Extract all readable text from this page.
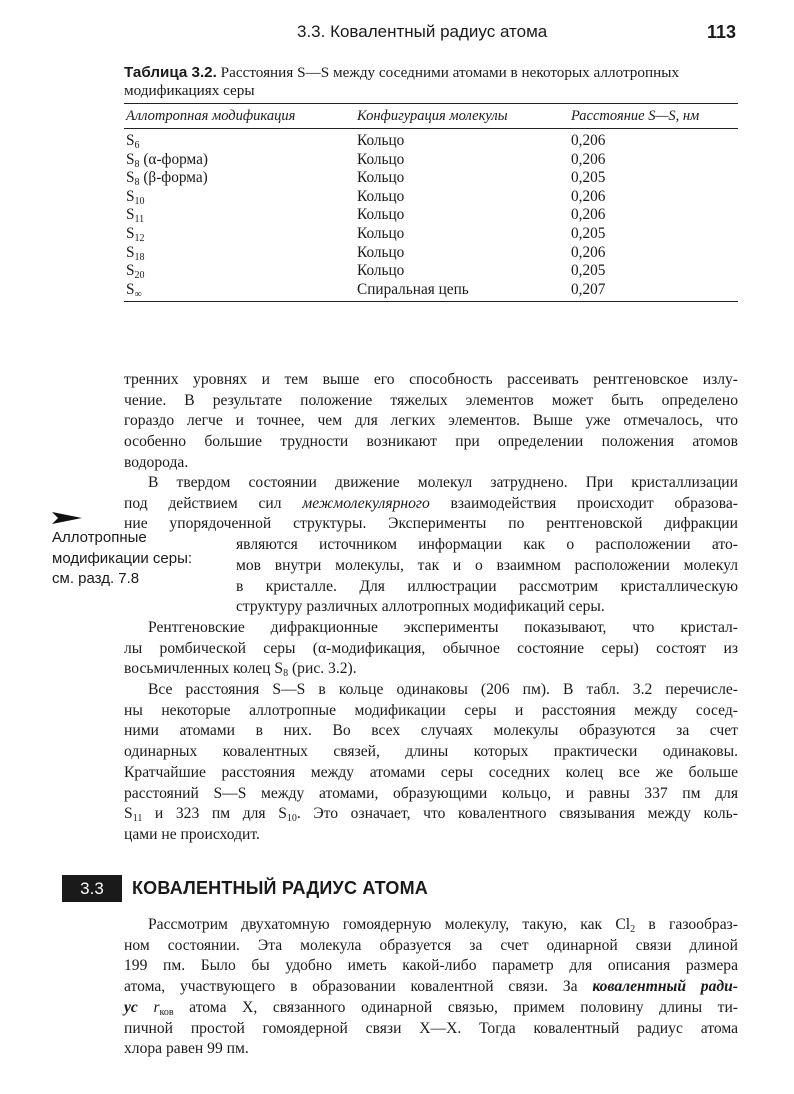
3.3. Ковалентный радиус атома	113
Таблица 3.2. Расстояния S—S между соседними атомами в некоторых аллотропных
модификациях серы
Аллотропная модификация	Конфигурация молекулы	Расстояние S—S, нм
$S_6$	Кольцо	0,206
$S_8$ (α-форма)	Кольцо	0,206
$S_8$ (β-форма)	Кольцо	0,205
$S_{10}$	Кольцо	0,206
$S_{11}$	Кольцо	0,206
$S_{12}$	Кольцо	0,205
$S_{18}$	Кольцо	0,206
$S_{20}$	Кольцо	0,205
$S_\infty$	Спиральная цепь	0,207
тренних уровнях и тем выше его способность рассеивать рентгеновское излу-
чение. В результате положение тяжелых элементов может быть определено
гораздо легче и точнее, чем для легких элементов. Выше уже отмечалось, что
особенно большие трудности возникают при определении положения атомов
водорода.
В твердом состоянии движение молекул затруднено. При кристаллизации
под действием сил межмолекулярного взаимодействия происходит образова-
ние упорядоченной структуры. Эксперименты по рентгеновской дифракции
являются источником информации как о расположении ато-
мов внутри молекулы, так и о взаимном расположении молекул
в кристалле. Для иллюстрации рассмотрим кристаллическую
структуру различных аллотропных модификаций серы.
Аллотропные
модификации серы:
см. разд. 7.8
Рентгеновские дифракционные эксперименты показывают, что кристал-
лы ромбической серы (α-модификация, обычное состояние серы) состоят из
восьмичленных колец $S_8$ (рис. 3.2).
Все расстояния S—S в кольце одинаковы (206 пм). В табл. 3.2 перечисле-
ны некоторые аллотропные модификации серы и расстояния между сосед-
ними атомами в них. Во всех случаях молекулы образуются за счет
одинарных ковалентных связей, длины которых практически одинаковы.
Кратчайшие расстояния между атомами серы соседних колец все же больше
расстояний S—S между атомами, образующими кольцо, и равны 337 пм для
$S_{11}$ и 323 пм для $S_{10}$. Это означает, что ковалентного связывания между коль-
цами не происходит.
3.3	КОВАЛЕНТНЫЙ РАДИУС АТОМА
Рассмотрим двухатомную гомоядерную молекулу, такую, как $Cl_2$ в газообраз-
ном состоянии. Эта молекула образуется за счет одинарной связи длиной
199 пм. Было бы удобно иметь какой-либо параметр для описания размера
атома, участвующего в образовании ковалентной связи. За ковалентный ради-
ус $r_{ков}$ атома X, связанного одинарной связью, примем половину длины ти-
пичной простой гомоядерной связи X—X. Тогда ковалентный радиус атома
хлора равен 99 пм.
